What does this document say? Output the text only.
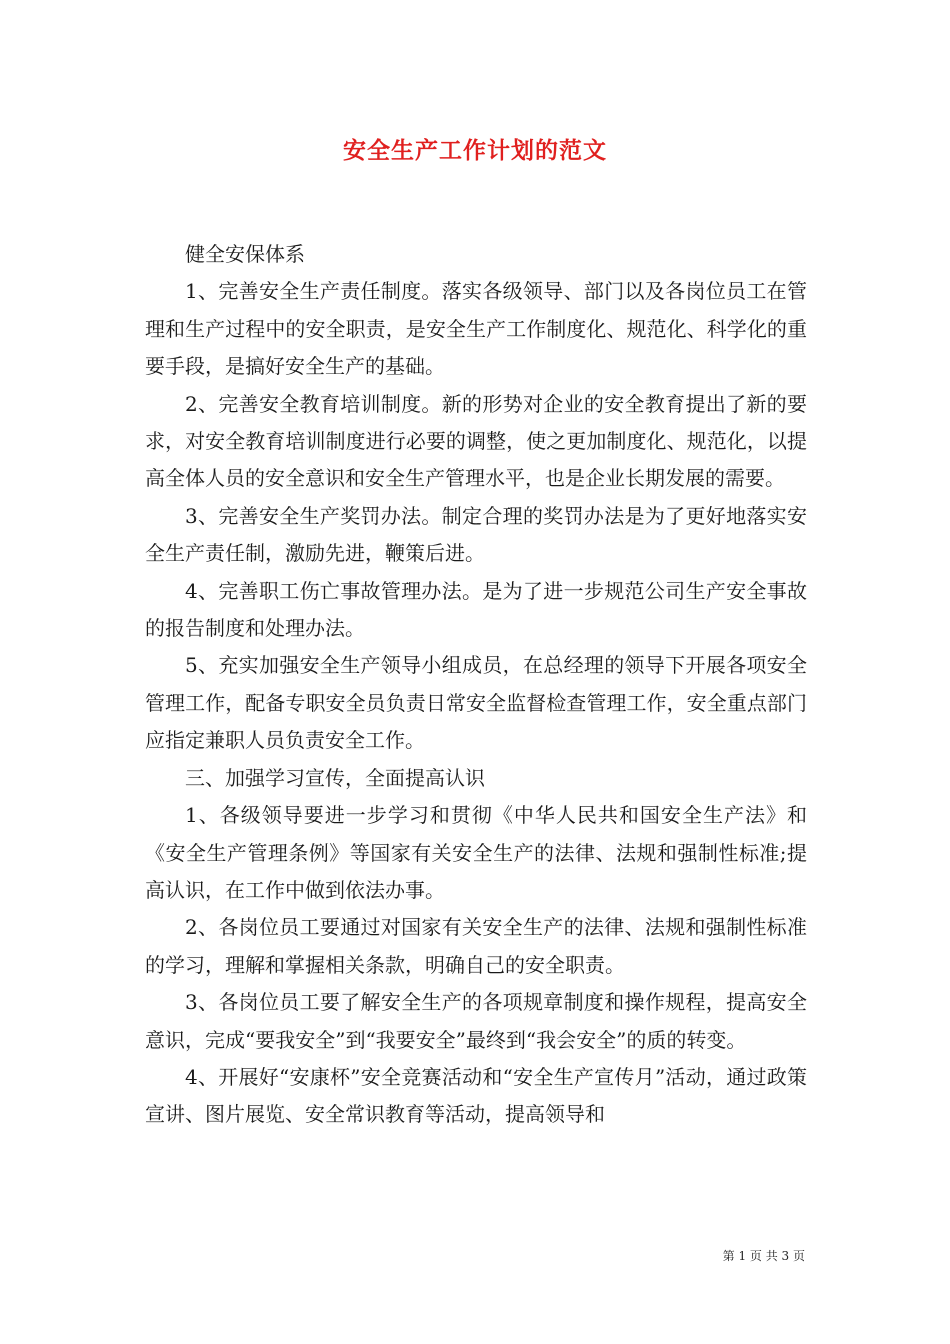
安全生产工作计划的范文

健全安保体系

1、完善安全生产责任制度。落实各级领导、部门以及各岗位员工在管理和生产过程中的安全职责，是安全生产工作制度化、规范化、科学化的重要手段，是搞好安全生产的基础。

2、完善安全教育培训制度。新的形势对企业的安全教育提出了新的要求，对安全教育培训制度进行必要的调整，使之更加制度化、规范化，以提高全体人员的安全意识和安全生产管理水平，也是企业长期发展的需要。

3、完善安全生产奖罚办法。制定合理的奖罚办法是为了更好地落实安全生产责任制，激励先进，鞭策后进。

4、完善职工伤亡事故管理办法。是为了进一步规范公司生产安全事故的报告制度和处理办法。

5、充实加强安全生产领导小组成员，在总经理的领导下开展各项安全管理工作，配备专职安全员负责日常安全监督检查管理工作，安全重点部门应指定兼职人员负责安全工作。

三、加强学习宣传，全面提高认识

1、各级领导要进一步学习和贯彻《中华人民共和国安全生产法》和《安全生产管理条例》等国家有关安全生产的法律、法规和强制性标准;提高认识，在工作中做到依法办事。

2、各岗位员工要通过对国家有关安全生产的法律、法规和强制性标准的学习，理解和掌握相关条款，明确自己的安全职责。

3、各岗位员工要了解安全生产的各项规章制度和操作规程，提高安全意识，完成“要我安全”到“我要安全”最终到“我会安全”的质的转变。

4、开展好“安康杯”安全竞赛活动和“安全生产宣传月”活动，通过政策宣讲、图片展览、安全常识教育等活动，提高领导和

第 1 页 共 3 页
